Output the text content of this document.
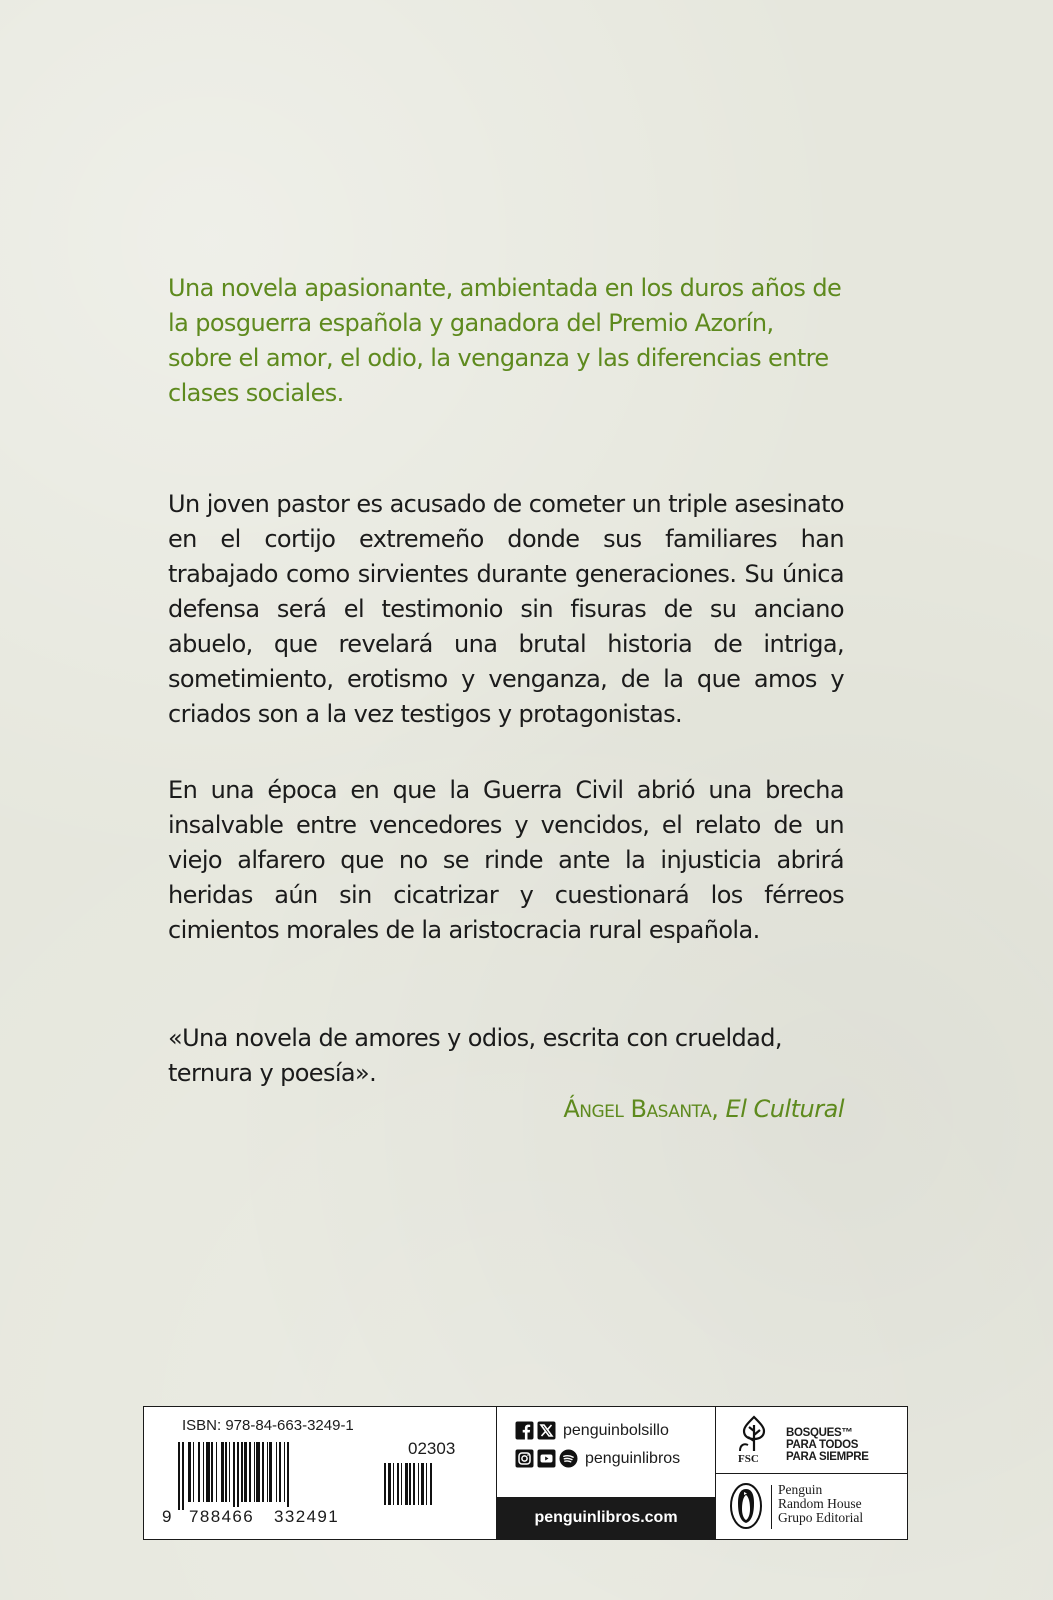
Una novela apasionante, ambientada en los duros años de la posguerra española y ganadora del Premio Azorín, sobre el amor, el odio, la venganza y las diferencias entre clases sociales.
Un joven pastor es acusado de cometer un triple asesinato en el cortijo extremeño donde sus familiares han trabajado como sirvientes durante generaciones. Su única defensa será el testimonio sin fisuras de su anciano abuelo, que revelará una brutal historia de intriga, sometimiento, erotismo y venganza, de la que amos y criados son a la vez testigos y protagonistas.
En una época en que la Guerra Civil abrió una brecha insalvable entre vencedores y vencidos, el relato de un viejo alfarero que no se rinde ante la injusticia abrirá heridas aún sin cicatrizar y cuestionará los férreos cimientos morales de la aristocracia rural española.
«Una novela de amores y odios, escrita con crueldad, ternura y poesía».
Ángel Basanta, El Cultural
ISBN: 978-84-663-3249-1
02303
9 788466 332491
penguinbolsillo
penguinlibros
penguinlibros.com
FSC
BOSQUES™
PARA TODOS
PARA SIEMPRE
Penguin
Random House
Grupo Editorial
